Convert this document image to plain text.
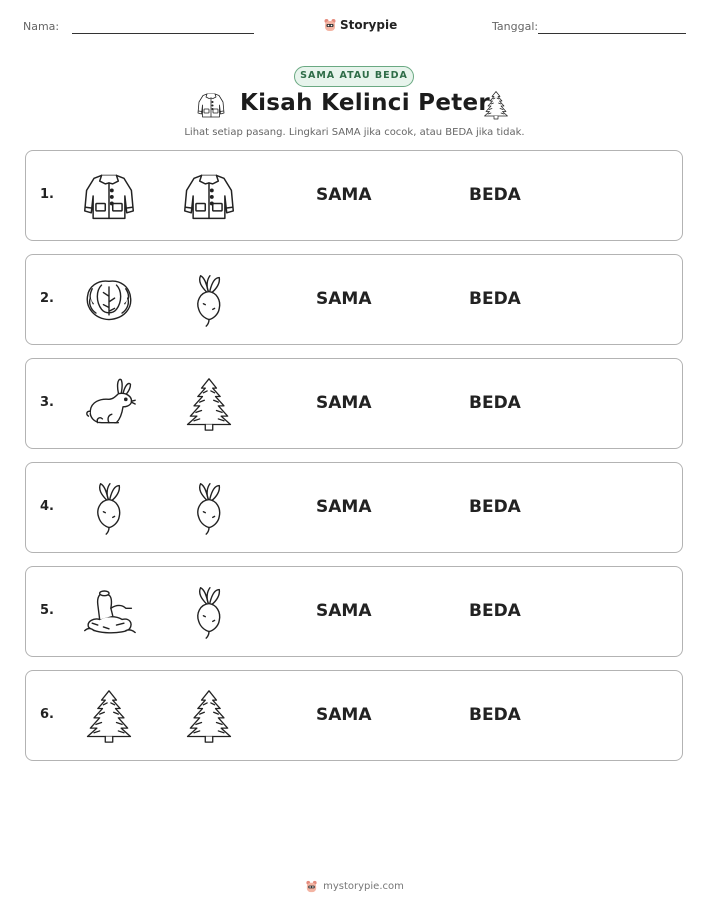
Nama:	Storypie	Tanggal:
SAMA ATAU BEDA
Kisah Kelinci Peter
Lihat setiap pasang. Lingkari SAMA jika cocok, atau BEDA jika tidak.
1.	SAMA	BEDA
2.	SAMA	BEDA
3.	SAMA	BEDA
4.	SAMA	BEDA
5.	SAMA	BEDA
6.	SAMA	BEDA
mystorypie.com
